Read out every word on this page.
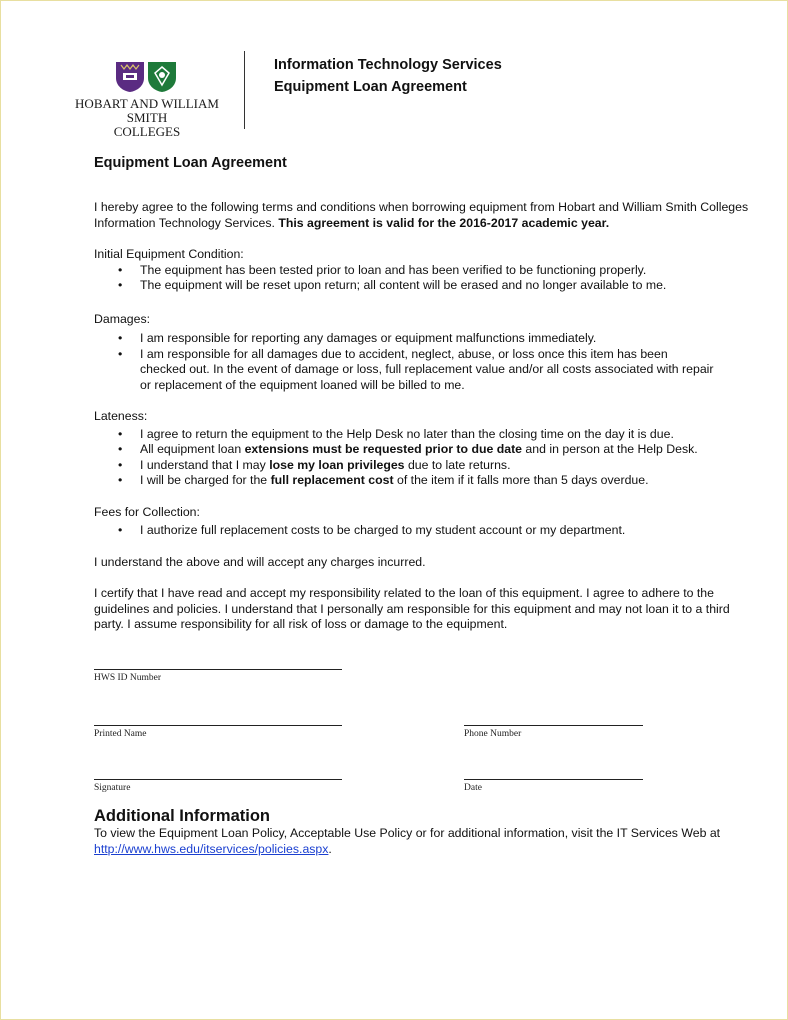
HOBART AND WILLIAM SMITH
COLLEGES
Information Technology Services
Equipment Loan Agreement

Equipment Loan Agreement

I hereby agree to the following terms and conditions when borrowing equipment from Hobart and William Smith Colleges Information Technology Services. This agreement is valid for the 2016-2017 academic year.

Initial Equipment Condition:

• The equipment has been tested prior to loan and has been verified to be functioning properly.
• The equipment will be reset upon return; all content will be erased and no longer available to me.

Damages:

• I am responsible for reporting any damages or equipment malfunctions immediately.
• I am responsible for all damages due to accident, neglect, abuse, or loss once this item has been checked out. In the event of damage or loss, full replacement value and/or all costs associated with repair or replacement of the equipment loaned will be billed to me.

Lateness:

• I agree to return the equipment to the Help Desk no later than the closing time on the day it is due.
• All equipment loan extensions must be requested prior to due date and in person at the Help Desk.
• I understand that I may lose my loan privileges due to late returns.
• I will be charged for the full replacement cost of the item if it falls more than 5 days overdue.

Fees for Collection:

• I authorize full replacement costs to be charged to my student account or my department.

I understand the above and will accept any charges incurred.

I certify that I have read and accept my responsibility related to the loan of this equipment. I agree to adhere to the guidelines and policies. I understand that I personally am responsible for this equipment and may not loan it to a third party. I assume responsibility for all risk of loss or damage to the equipment.

HWS ID Number
Printed Name	Phone Number
Signature	Date

Additional Information

To view the Equipment Loan Policy, Acceptable Use Policy or for additional information, visit the IT Services Web at http://www.hws.edu/itservices/policies.aspx.
